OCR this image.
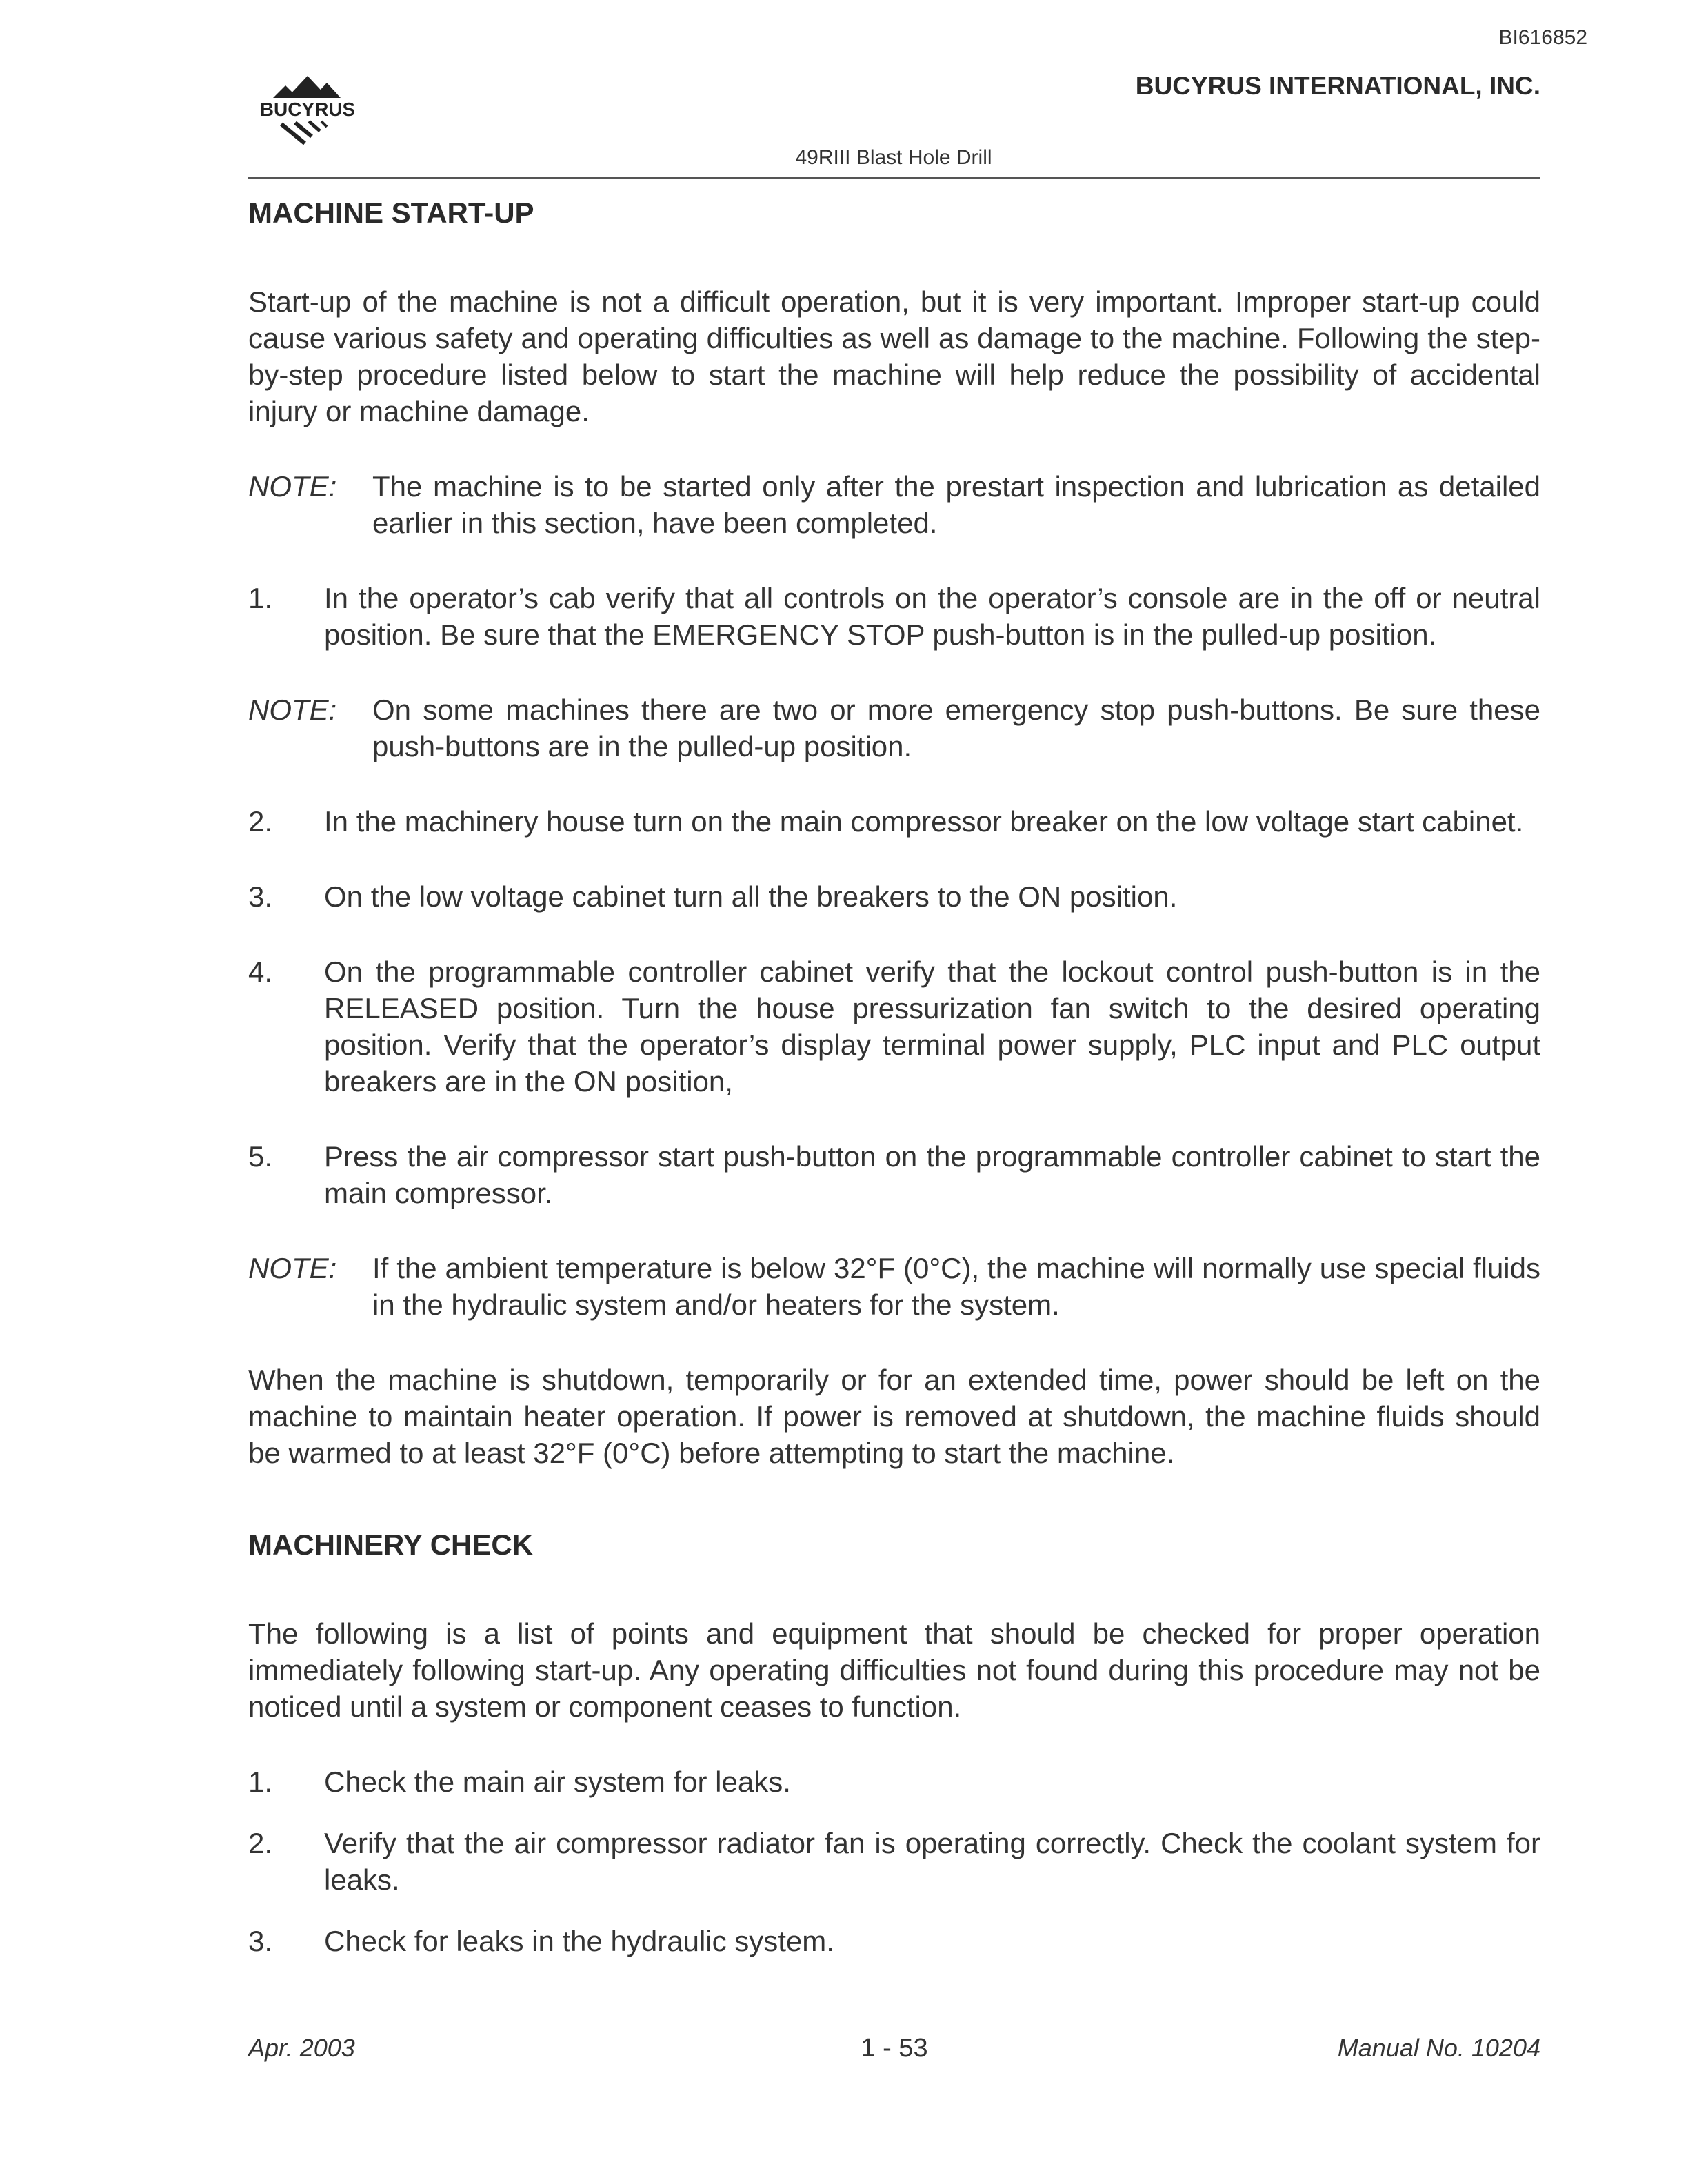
BI616852
BUCYRUS
BUCYRUS INTERNATIONAL, INC.
49RIII Blast Hole Drill
MACHINE START-UP

Start-up of the machine is not a difficult operation, but it is very important. Improper start-up could cause various safety and operating difficulties as well as damage to the machine. Following the step-by-step procedure listed below to start the machine will help reduce the possibility of accidental injury or machine damage.

NOTE: The machine is to be started only after the prestart inspection and lubrication as detailed earlier in this section, have been completed.

1. In the operator’s cab verify that all controls on the operator’s console are in the off or neutral position. Be sure that the EMERGENCY STOP push-button is in the pulled-up position.
NOTE: On some machines there are two or more emergency stop push-buttons. Be sure these push-buttons are in the pulled-up position.

2. In the machinery house turn on the main compressor breaker on the low voltage start cabinet.
3. On the low voltage cabinet turn all the breakers to the ON position.
4. On the programmable controller cabinet verify that the lockout control push-button is in the RELEASED position. Turn the house pressurization fan switch to the desired operating position. Verify that the operator’s display terminal power supply, PLC input and PLC output breakers are in the ON position,
5. Press the air compressor start push-button on the programmable controller cabinet to start the main compressor.
NOTE: If the ambient temperature is below 32°F (0°C), the machine will normally use special fluids in the hydraulic system and/or heaters for the system.

When the machine is shutdown, temporarily or for an extended time, power should be left on the machine to maintain heater operation. If power is removed at shutdown, the machine fluids should be warmed to at least 32°F (0°C) before attempting to start the machine.

MACHINERY CHECK

The following is a list of points and equipment that should be checked for proper operation immediately following start-up. Any operating difficulties not found during this procedure may not be noticed until a system or component ceases to function.

1. Check the main air system for leaks.
2. Verify that the air compressor radiator fan is operating correctly. Check the coolant system for leaks.
3. Check for leaks in the hydraulic system.
Apr. 2003	1 - 53	Manual No. 10204
